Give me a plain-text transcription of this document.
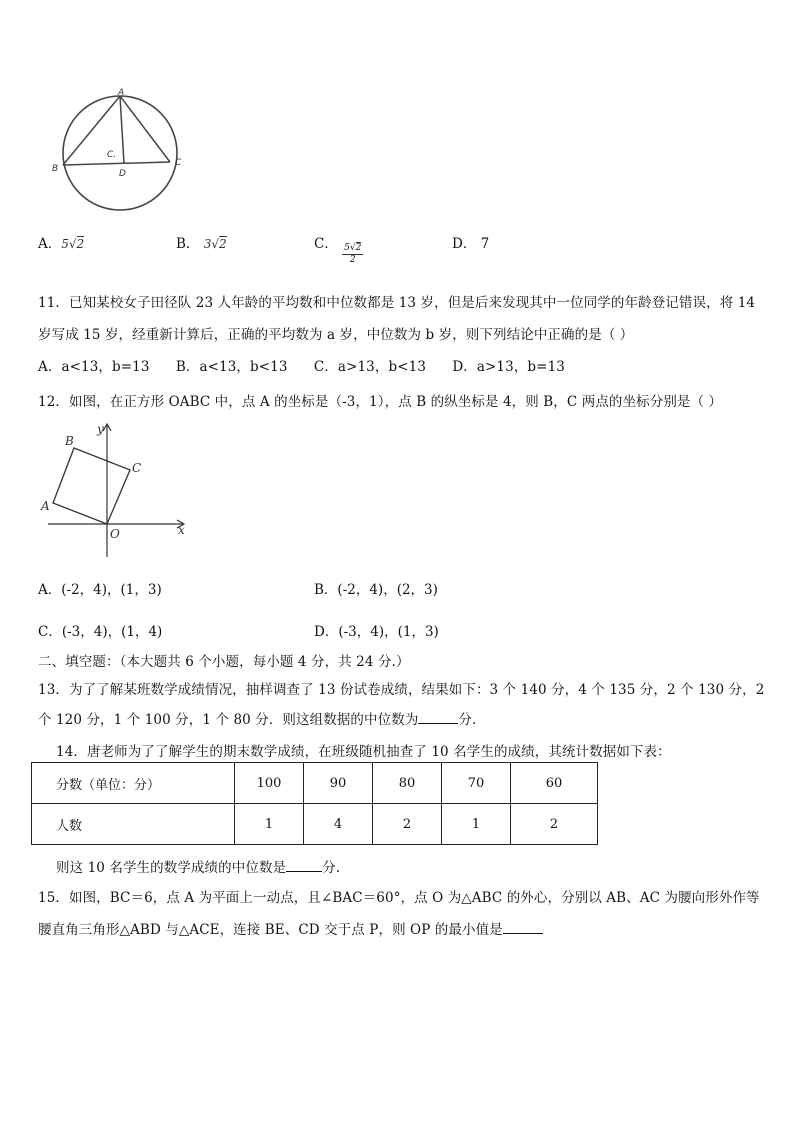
A
B
C
D
C.
A．5√2	B． 3√2	C． $\frac{5√2}{2}$	D． 7
11．已知某校女子田径队 23 人年龄的平均数和中位数都是 13 岁，但是后来发现其中一位同学的年龄登记错误，将 14
岁写成 15 岁，经重新计算后，正确的平均数为 a 岁，中位数为 b 岁，则下列结论中正确的是（ ）
A．a<13，b=13      B．a<13，b<13      C．a>13，b<13      D．a>13，b=13
12．如图，在正方形 OABC 中，点 A 的坐标是（-3，1），点 B 的纵坐标是 4，则 B，C 两点的坐标分别是（ ）
x
y
O
A
B
C
A．(-2，4)，(1，3)	B．(-2，4)，(2，3)
C．(-3，4)，(1，4)	D．(-3，4)，(1，3)
二、填空题：（本大题共 6 个小题，每小题 4 分，共 24 分.）
13．为了了解某班数学成绩情况，抽样调查了 13 份试卷成绩，结果如下：3 个 140 分，4 个 135 分，2 个 130 分，2
个 120 分，1 个 100 分，1 个 80 分．则这组数据的中位数为	分.
14．唐老师为了了解学生的期末数学成绩，在班级随机抽查了 10 名学生的成绩，其统计数据如下表：
分数（单位：分）	100	90	80	70	60
人数	1	4	2	1	2
则这 10 名学生的数学成绩的中位数是	分.
15．如图，BC＝6，点 A 为平面上一动点，且∠BAC＝60°，点 O 为△ABC 的外心，分别以 AB、AC 为腰向形外作等
腰直角三角形△ABD 与△ACE，连接 BE、CD 交于点 P，则 OP 的最小值是
